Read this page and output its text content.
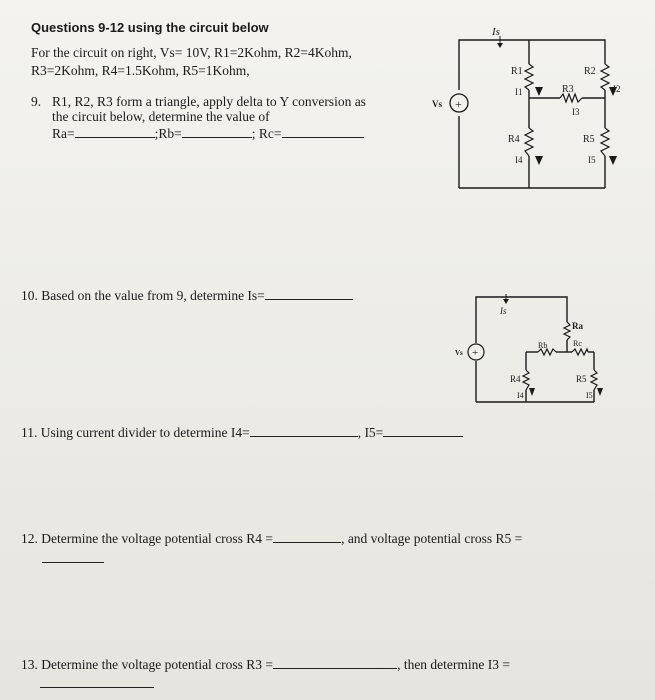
Questions 9-12 using the circuit below
For the circuit on right, Vs= 10V, R1=2Kohm, R2=4Kohm,
R3=2Kohm, R4=1.5Kohm, R5=1Kohm,
9. R1, R2, R3 form a triangle, apply delta to Y conversion as
the circuit below, determine the value of
Ra=	;Rb=	; Rc=
10. Based on the value from 9, determine Is=
11. Using current divider to determine I4=	, I5=
12. Determine the voltage potential cross R4 =	, and voltage potential cross R5 =
13. Determine the voltage potential cross R3 =	, then determine I3 =
+
Vs
Is
R1	R2
R3
R4	R5
I1	I2
I3
I4	I5
+
Vs
Is
Ra
Rb	Rc
R4	R5
I4	I5
